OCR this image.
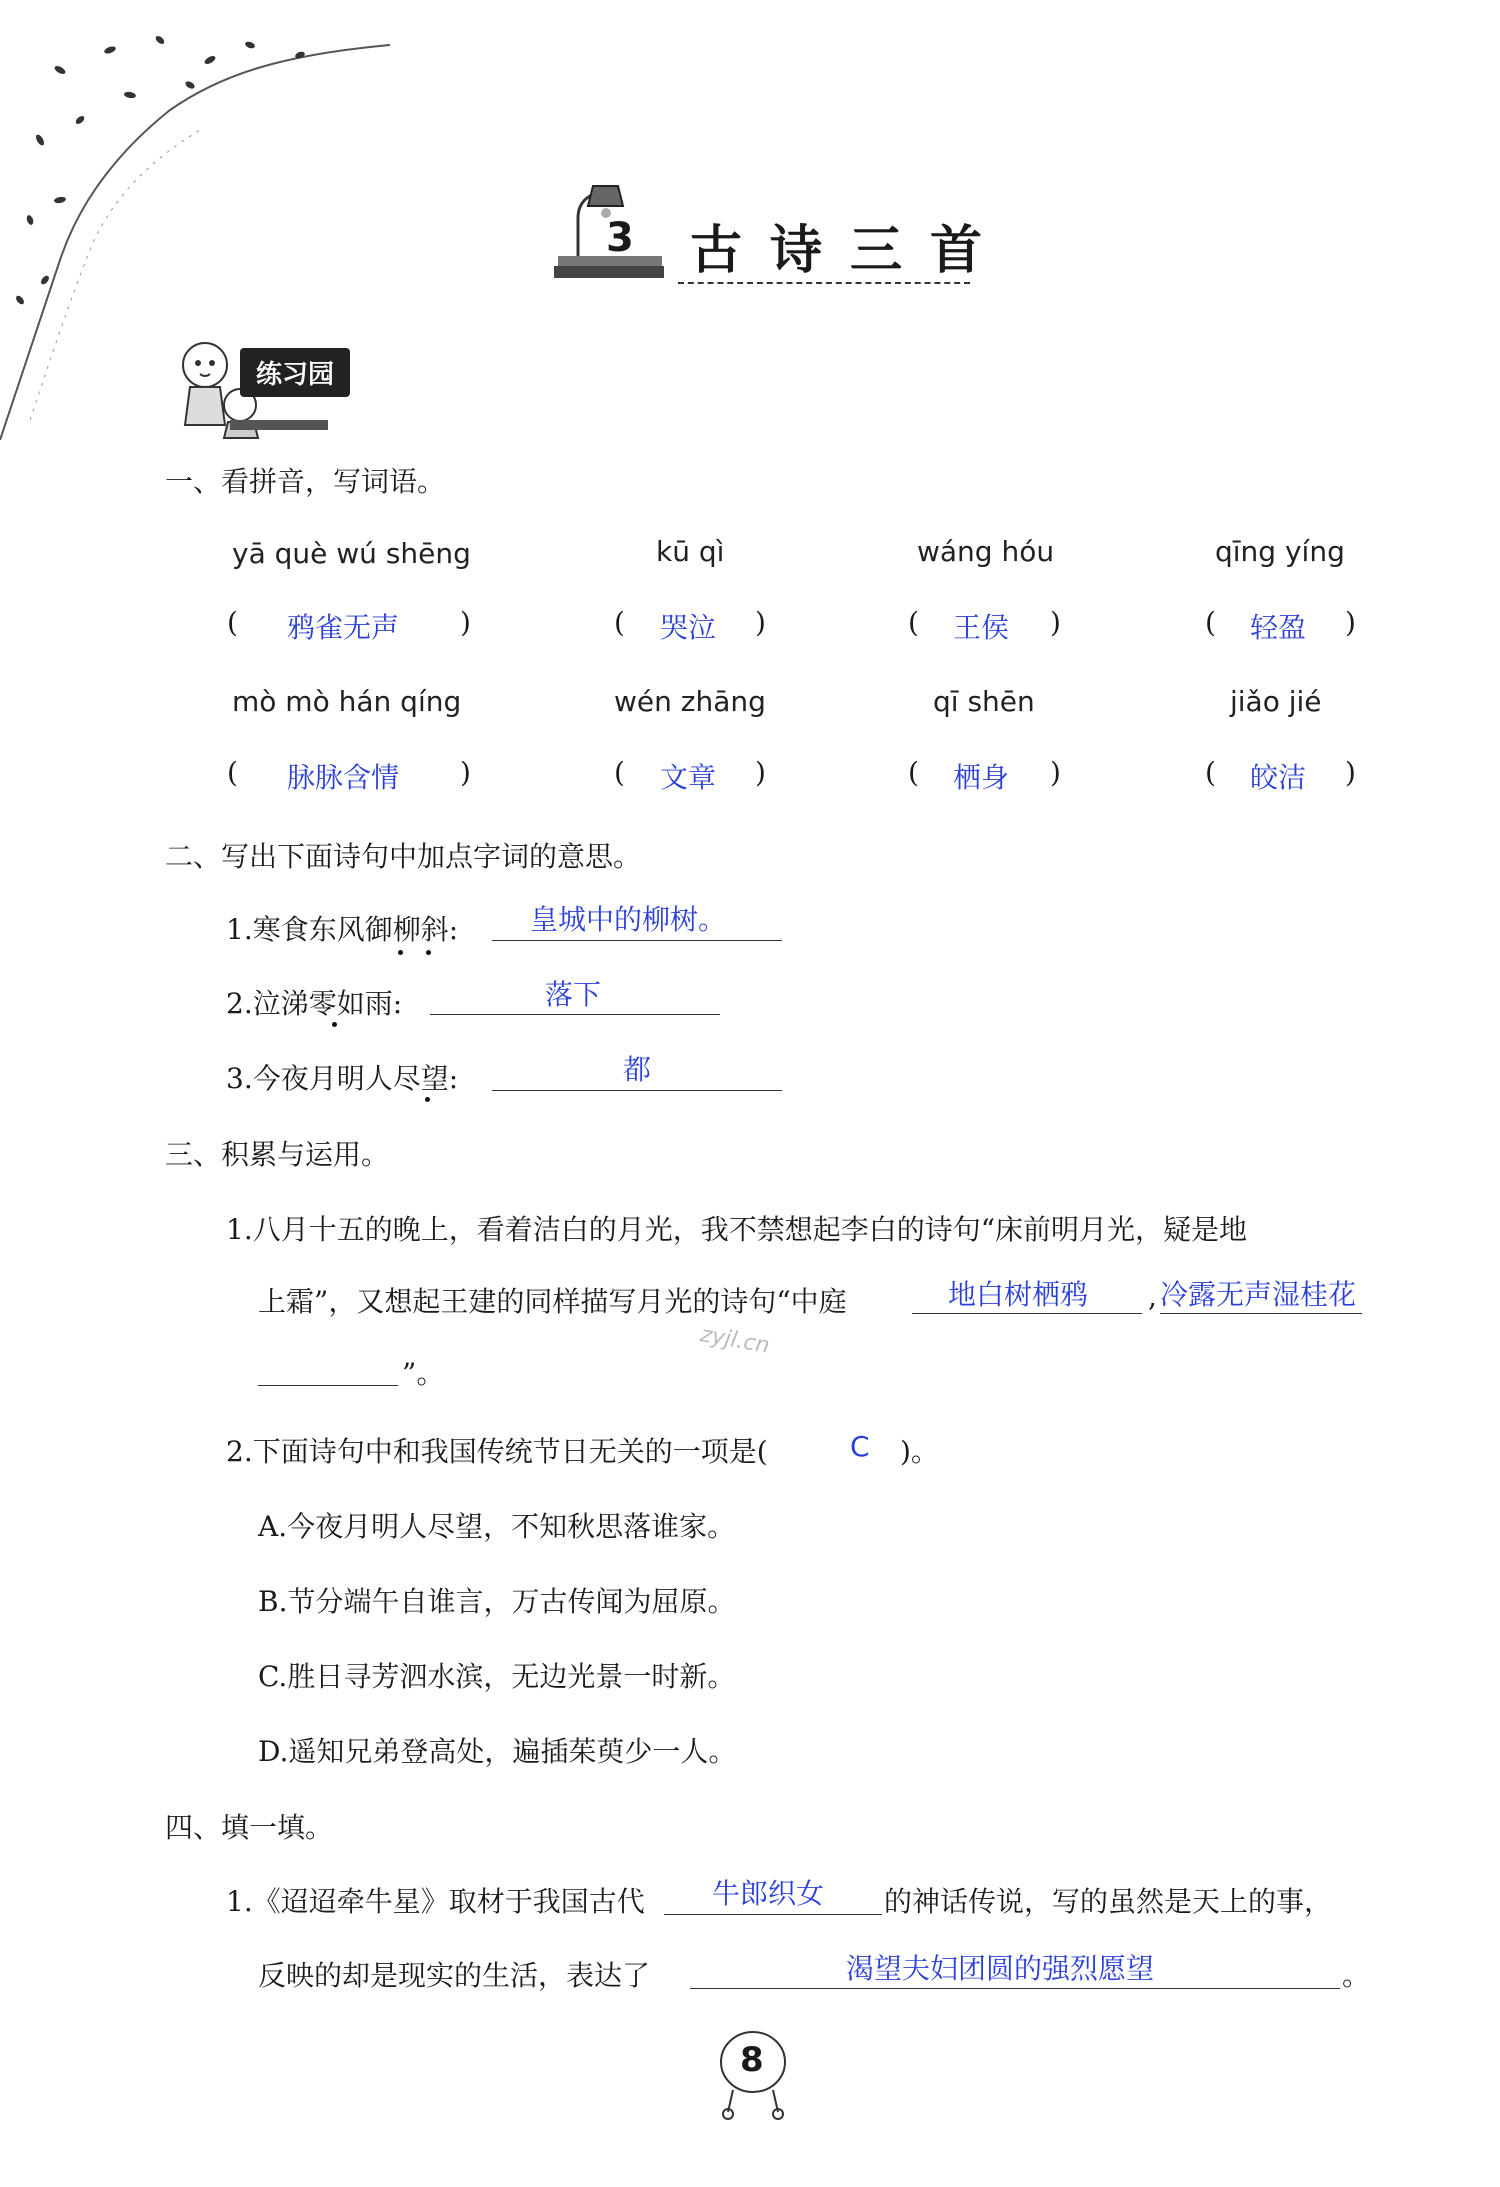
3 古诗三首
练习园
一、看拼音，写词语。
yā què wú shēng	kū qì	wáng hóu	qīng yíng
( 鸦雀无声 )	( 哭泣 )	( 王侯 )	( 轻盈 )
mò mò hán qíng	wén zhāng	qī shēn	jiǎo jié
( 脉脉含情 )	( 文章 )	( 栖身 )	( 皎洁 )
二、写出下面诗句中加点字词的意思。
1.寒食东风御柳斜:	皇城中的柳树。
2.泣涕零如雨:	落下
3.今夜月明人尽望:	都
三、积累与运用。
1.八月十五的晚上，看着洁白的月光，我不禁想起李白的诗句“床前明月光，疑是地
上霜”，又想起王建的同样描写月光的诗句“中庭	地白树栖鸦 , 冷露无声湿桂花
zyjl.cn
”。
2.下面诗句中和我国传统节日无关的一项是(	C )。
A.今夜月明人尽望，不知秋思落谁家。
B.节分端午自谁言，万古传闻为屈原。
C.胜日寻芳泗水滨，无边光景一时新。
D.遥知兄弟登高处，遍插茱萸少一人。
四、填一填。
1.《迢迢牵牛星》取材于我国古代 牛郎织女 的神话传说，写的虽然是天上的事，
反映的却是现实的生活，表达了	渴望夫妇团圆的强烈愿望	。
8
